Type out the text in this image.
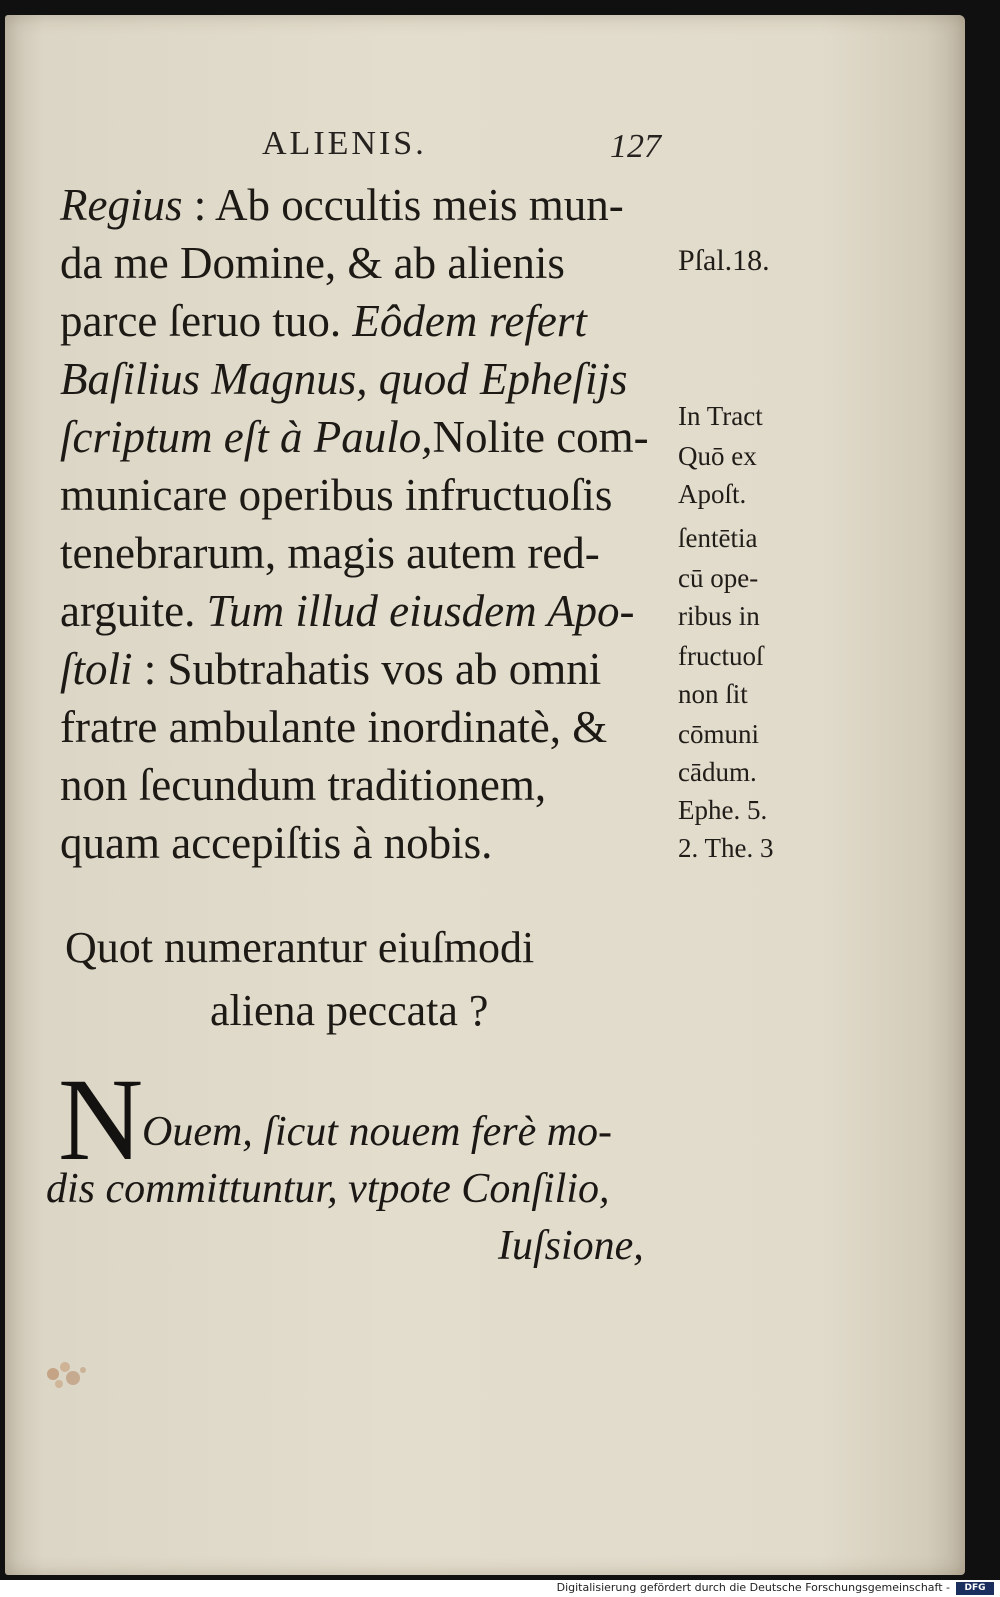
ALIENIS.	127
Regius : Ab occultis meis mun-
da me Domine, & ab alienis
parce ſeruo tuo. Eôdem refert
Baſilius Magnus, quod Epheſijs
ſcriptum eſt à Paulo,Nolite com-
municare operibus infructuoſis
tenebrarum, magis autem red-
arguite. Tum illud eiusdem Apo-
ſtoli : Subtrahatis vos ab omni
fratre ambulante inordinatè, &
non ſecundum traditionem,
quam accepiſtis à nobis.
Pſal.18.
In Tract
Quō ex
Apoſt.
ſentētia
cū ope-
ribus in
fructuoſ
non ſit
cōmuni
cādum.
Ephe. 5.
2. The. 3
Quot numerantur eiuſmodi
aliena peccata ?
N
Ouem, ſicut nouem ferè mo-
dis committuntur, vtpote Conſilio,
Iuſsione,
Digitalisierung gefördert durch die Deutsche Forschungsgemeinschaft -	DFG
